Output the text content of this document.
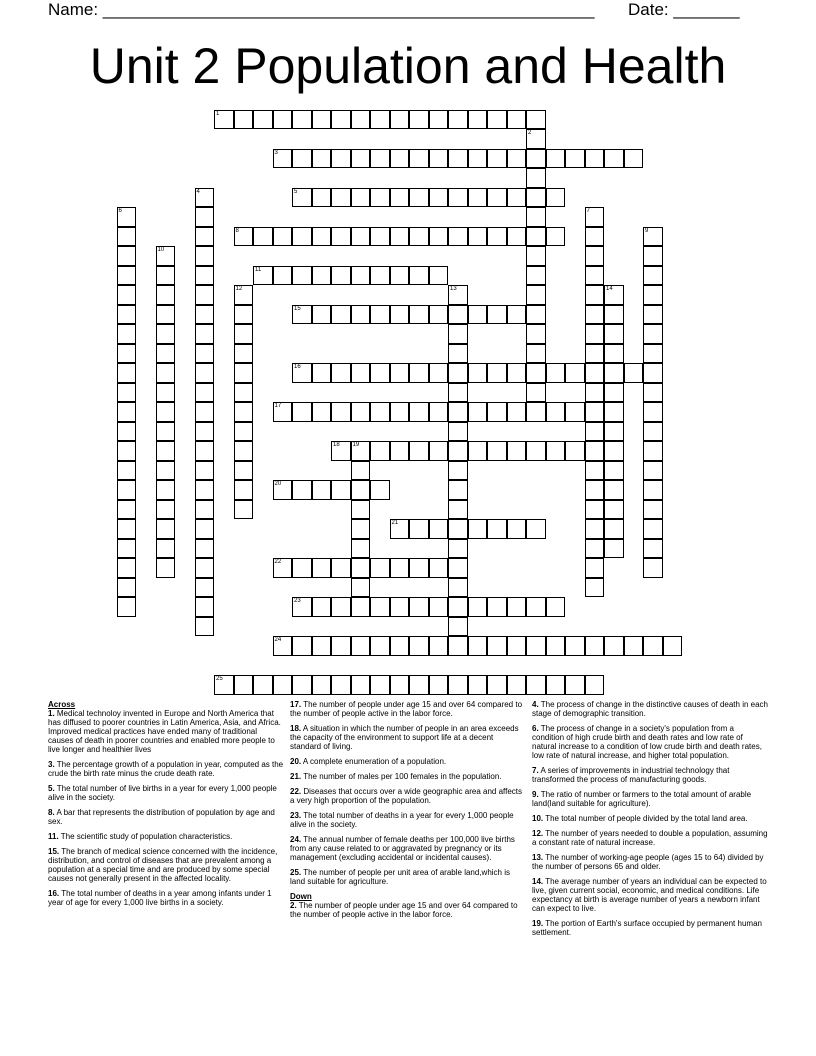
Name: ____________________________________________________ Date: _______
Unit 2 Population and Health
1
2
3
4	5
6	7
8	9
10
11
12	13	14
15
16
17
18 19
20
21
22
23
24
25
Across
1. Medical technoloy invented in Europe and North America that has diffused to poorer countries in Latin America, Asia, and Africa. Improved medical practices have ended many of traditional causes of death in poorer countries and enabled more people to live longer and healthier lives
3. The percentage growth of a population in year, computed as the crude the birth rate minus the crude death rate.
5. The total number of live births in a year for every 1,000 people alive in the society.
8. A bar that represents the distribution of population by age and sex.
11. The scientific study of population characteristics.
15. The branch of medical science concerned with the incidence, distribution, and control of diseases that are prevalent among a population at a special time and are produced by some special causes not generally present in the affected locality.
16. The total number of deaths in a year among infants under 1 year of age for every 1,000 live births in a society.
17. The number of people under age 15 and over 64 compared to the number of people active in the labor force.
18. A situation in which the number of people in an area exceeds the capacity of the environment to support life at a decent standard of living.
20. A complete enumeration of a population.
21. The number of males per 100 females in the population.
22. Diseases that occurs over a wide geographic area and affects a very high proportion of the population.
23. The total number of deaths in a year for every 1,000 people alive in the society.
24. The annual number of female deaths per 100,000 live births from any cause related to or aggravated by pregnancy or its management (excluding accidental or incidental causes).
25. The number of people per unit area of arable land,which is land suitable for agriculture.
Down
2. The number of people under age 15 and over 64 compared to the number of people active in the labor force.
4. The process of change in the distinctive causes of death in each stage of demographic transition.
6. The process of change in a society's population from a condition of high crude birth and death rates and low rate of natural increase to a condition of low crude birth and death rates, low rate of natural increase, and higher total population.
7. A series of improvements in industrial technology that transformed the process of manufacturing goods.
9. The ratio of number or farmers to the total amount of arable land(land suitable for agriculture).
10. The total number of people divided by the total land area.
12. The number of years needed to double a population, assuming a constant rate of natural increase.
13. The number of working-age people (ages 15 to 64) divided by the number of persons 65 and older.
14. The average number of years an individual can be expected to live, given current social, economic, and medical conditions. Life expectancy at birth is average number of years a newborn infant can expect to live.
19. The portion of Earth's surface occupied by permanent human settlement.
